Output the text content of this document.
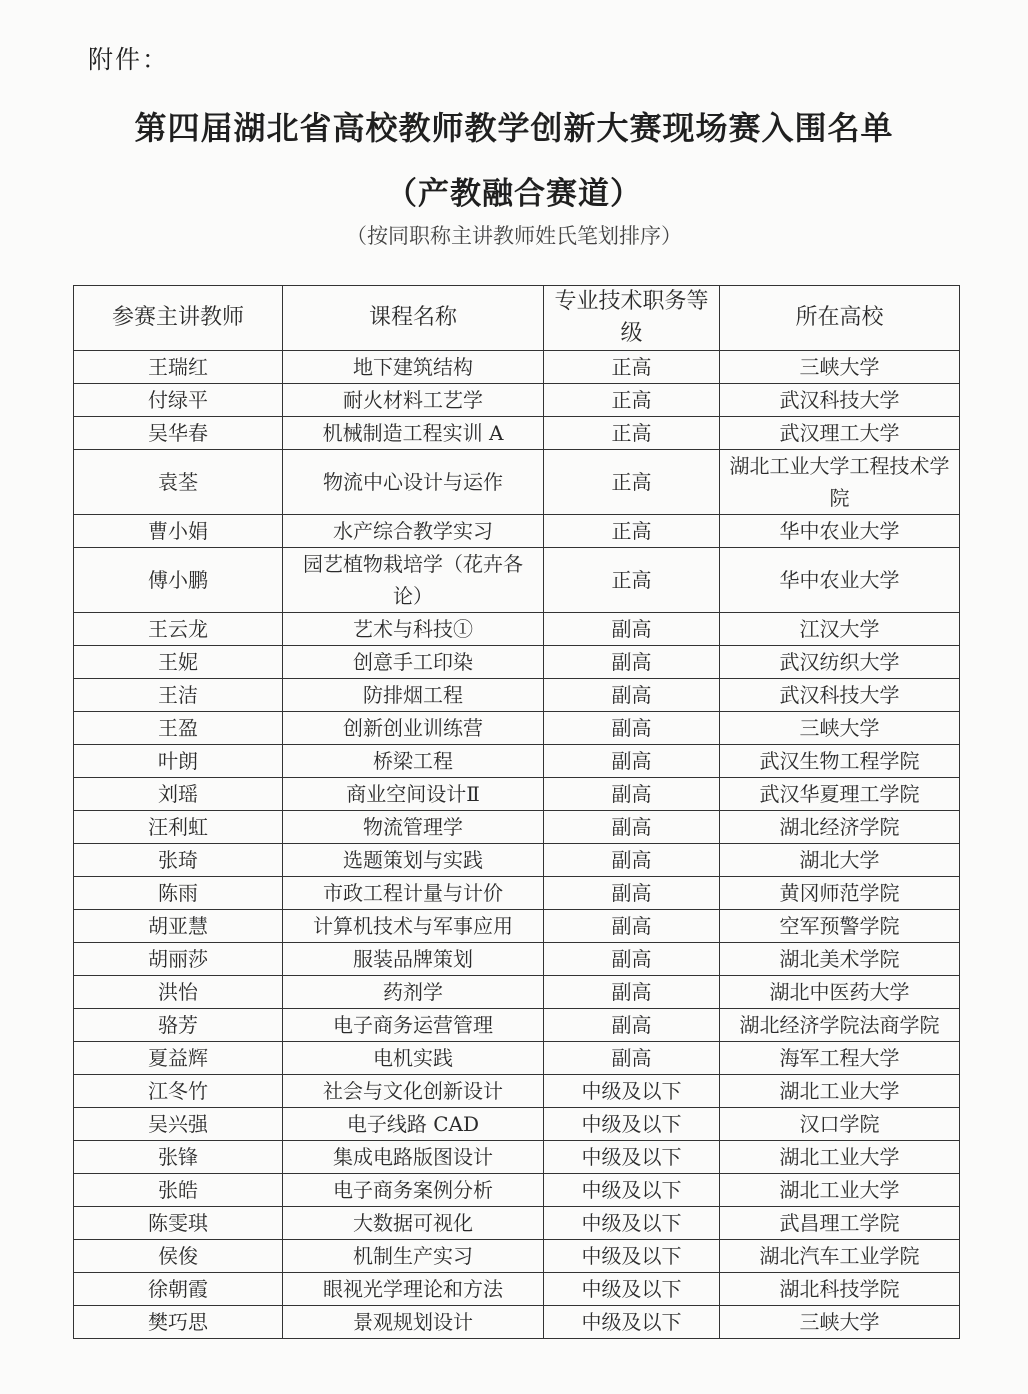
附件：
第四届湖北省高校教师教学创新大赛现场赛入围名单
（产教融合赛道）
（按同职称主讲教师姓氏笔划排序）
参赛主讲教师	课程名称	专业技术职务等级	所在高校
王瑞红	地下建筑结构	正高	三峡大学
付绿平	耐火材料工艺学	正高	武汉科技大学
吴华春	机械制造工程实训 A	正高	武汉理工大学
袁荃	物流中心设计与运作	正高	湖北工业大学工程技术学院
曹小娟	水产综合教学实习	正高	华中农业大学
傅小鹏	园艺植物栽培学（花卉各论）	正高	华中农业大学
王云龙	艺术与科技①	副高	江汉大学
王妮	创意手工印染	副高	武汉纺织大学
王洁	防排烟工程	副高	武汉科技大学
王盈	创新创业训练营	副高	三峡大学
叶朗	桥梁工程	副高	武汉生物工程学院
刘瑶	商业空间设计Ⅱ	副高	武汉华夏理工学院
汪利虹	物流管理学	副高	湖北经济学院
张琦	选题策划与实践	副高	湖北大学
陈雨	市政工程计量与计价	副高	黄冈师范学院
胡亚慧	计算机技术与军事应用	副高	空军预警学院
胡丽莎	服装品牌策划	副高	湖北美术学院
洪怡	药剂学	副高	湖北中医药大学
骆芳	电子商务运营管理	副高	湖北经济学院法商学院
夏益辉	电机实践	副高	海军工程大学
江冬竹	社会与文化创新设计	中级及以下	湖北工业大学
吴兴强	电子线路 CAD	中级及以下	汉口学院
张锋	集成电路版图设计	中级及以下	湖北工业大学
张皓	电子商务案例分析	中级及以下	湖北工业大学
陈雯琪	大数据可视化	中级及以下	武昌理工学院
侯俊	机制生产实习	中级及以下	湖北汽车工业学院
徐朝霞	眼视光学理论和方法	中级及以下	湖北科技学院
樊巧思	景观规划设计	中级及以下	三峡大学
